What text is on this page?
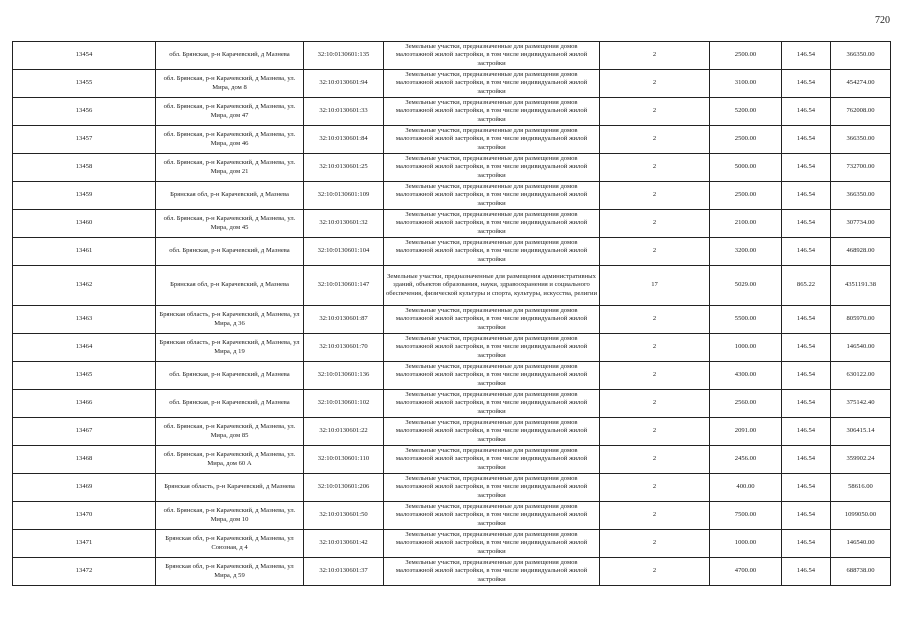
720
13454	обл. Брянская, р-н Карачевский, д Мазнева	32:10:0130601:135	Земельные участки, предназначенные для размещения домов малоэтажной жилой застройки, в том числе индивидуальной жилой застройки	2	2500.00	146.54	366350.00
13455	обл. Брянская, р-н Карачевский, д Мазнева, ул. Мира, дом 8	32:10:0130601:94	Земельные участки, предназначенные для размещения домов малоэтажной жилой застройки, в том числе индивидуальной жилой застройки	2	3100.00	146.54	454274.00
13456	обл. Брянская, р-н Карачевский, д Мазнева, ул. Мира, дом 47	32:10:0130601:33	Земельные участки, предназначенные для размещения домов малоэтажной жилой застройки, в том числе индивидуальной жилой застройки	2	5200.00	146.54	762008.00
13457	обл. Брянская, р-н Карачевский, д Мазнева, ул. Мира, дом 46	32:10:0130601:84	Земельные участки, предназначенные для размещения домов малоэтажной жилой застройки, в том числе индивидуальной жилой застройки	2	2500.00	146.54	366350.00
13458	обл. Брянская, р-н Карачевский, д Мазнева, ул. Мира, дом 21	32:10:0130601:25	Земельные участки, предназначенные для размещения домов малоэтажной жилой застройки, в том числе индивидуальной жилой застройки	2	5000.00	146.54	732700.00
13459	Брянская обл, р-н Карачевский, д Мазнева	32:10:0130601:109	Земельные участки, предназначенные для размещения домов малоэтажной жилой застройки, в том числе индивидуальной жилой застройки	2	2500.00	146.54	366350.00
13460	обл. Брянская, р-н Карачевский, д Мазнева, ул. Мира, дом 45	32:10:0130601:32	Земельные участки, предназначенные для размещения домов малоэтажной жилой застройки, в том числе индивидуальной жилой застройки	2	2100.00	146.54	307734.00
13461	обл. Брянская, р-н Карачевский, д Мазнева	32:10:0130601:104	Земельные участки, предназначенные для размещения домов малоэтажной жилой застройки, в том числе индивидуальной жилой застройки	2	3200.00	146.54	468928.00
13462	Брянская обл, р-н Карачевский, д Мазнева	32:10:0130601:147	Земельные участки, предназначенные для размещения административных зданий, объектов образования, науки, здравоохранения и социального обеспечения, физической культуры и спорта, культуры, искусства, религии	17	5029.00	865.22	4351191.38
13463	Брянская область, р-н Карачевский, д Мазнева, ул Мира, д 36	32:10:0130601:87	Земельные участки, предназначенные для размещения домов малоэтажной жилой застройки, в том числе индивидуальной жилой застройки	2	5500.00	146.54	805970.00
13464	Брянская область, р-н Карачевский, д Мазнева, ул Мира, д 19	32:10:0130601:70	Земельные участки, предназначенные для размещения домов малоэтажной жилой застройки, в том числе индивидуальной жилой застройки	2	1000.00	146.54	146540.00
13465	обл. Брянская, р-н Карачевский, д Мазнева	32:10:0130601:136	Земельные участки, предназначенные для размещения домов малоэтажной жилой застройки, в том числе индивидуальной жилой застройки	2	4300.00	146.54	630122.00
13466	обл. Брянская, р-н Карачевский, д Мазнева	32:10:0130601:102	Земельные участки, предназначенные для размещения домов малоэтажной жилой застройки, в том числе индивидуальной жилой застройки	2	2560.00	146.54	375142.40
13467	обл. Брянская, р-н Карачевский, д Мазнева, ул. Мира, дом 85	32:10:0130601:22	Земельные участки, предназначенные для размещения домов малоэтажной жилой застройки, в том числе индивидуальной жилой застройки	2	2091.00	146.54	306415.14
13468	обл. Брянская, р-н Карачевский, д Мазнева, ул. Мира, дом 60 А	32:10:0130601:110	Земельные участки, предназначенные для размещения домов малоэтажной жилой застройки, в том числе индивидуальной жилой застройки	2	2456.00	146.54	359902.24
13469	Брянская область, р-н Карачевский, д Мазнева	32:10:0130601:206	Земельные участки, предназначенные для размещения домов малоэтажной жилой застройки, в том числе индивидуальной жилой застройки	2	400.00	146.54	58616.00
13470	обл. Брянская, р-н Карачевский, д Мазнева, ул. Мира, дом 10	32:10:0130601:50	Земельные участки, предназначенные для размещения домов малоэтажной жилой застройки, в том числе индивидуальной жилой застройки	2	7500.00	146.54	1099050.00
13471	Брянская обл, р-н Карачевский, д Мазнева, ул Союзная, д 4	32:10:0130601:42	Земельные участки, предназначенные для размещения домов малоэтажной жилой застройки, в том числе индивидуальной жилой застройки	2	1000.00	146.54	146540.00
13472	Брянская обл, р-н Карачевский, д Мазнева, ул Мира, д 59	32:10:0130601:37	Земельные участки, предназначенные для размещения домов малоэтажной жилой застройки, в том числе индивидуальной жилой застройки	2	4700.00	146.54	688738.00
